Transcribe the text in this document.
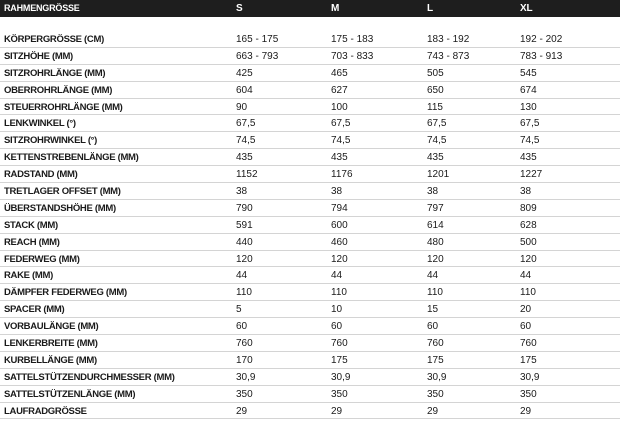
RAHMENGRÖSSE	S	M	L	XL
KÖRPERGRÖSSE (CM)	165 - 175	175 - 183	183 - 192	192 - 202
SITZHÖHE (MM)	663 - 793	703 - 833	743 - 873	783 - 913
SITZROHRLÄNGE (MM)	425	465	505	545
OBERROHRLÄNGE (MM)	604	627	650	674
STEUERROHRLÄNGE (MM)	90	100	115	130
LENKWINKEL (°)	67,5	67,5	67,5	67,5
SITZROHRWINKEL (°)	74,5	74,5	74,5	74,5
KETTENSTREBENLÄNGE (MM)	435	435	435	435
RADSTAND (MM)	1152	1176	1201	1227
TRETLAGER OFFSET (MM)	38	38	38	38
ÜBERSTANDSHÖHE (MM)	790	794	797	809
STACK (MM)	591	600	614	628
REACH (MM)	440	460	480	500
FEDERWEG (MM)	120	120	120	120
RAKE (MM)	44	44	44	44
DÄMPFER FEDERWEG (MM)	110	110	110	110
SPACER (MM)	5	10	15	20
VORBAULÄNGE (MM)	60	60	60	60
LENKERBREITE (MM)	760	760	760	760
KURBELLÄNGE (MM)	170	175	175	175
SATTELSTÜTZENDURCHMESSER (MM)	30,9	30,9	30,9	30,9
SATTELSTÜTZENLÄNGE (MM)	350	350	350	350
LAUFRADGRÖSSE	29	29	29	29
